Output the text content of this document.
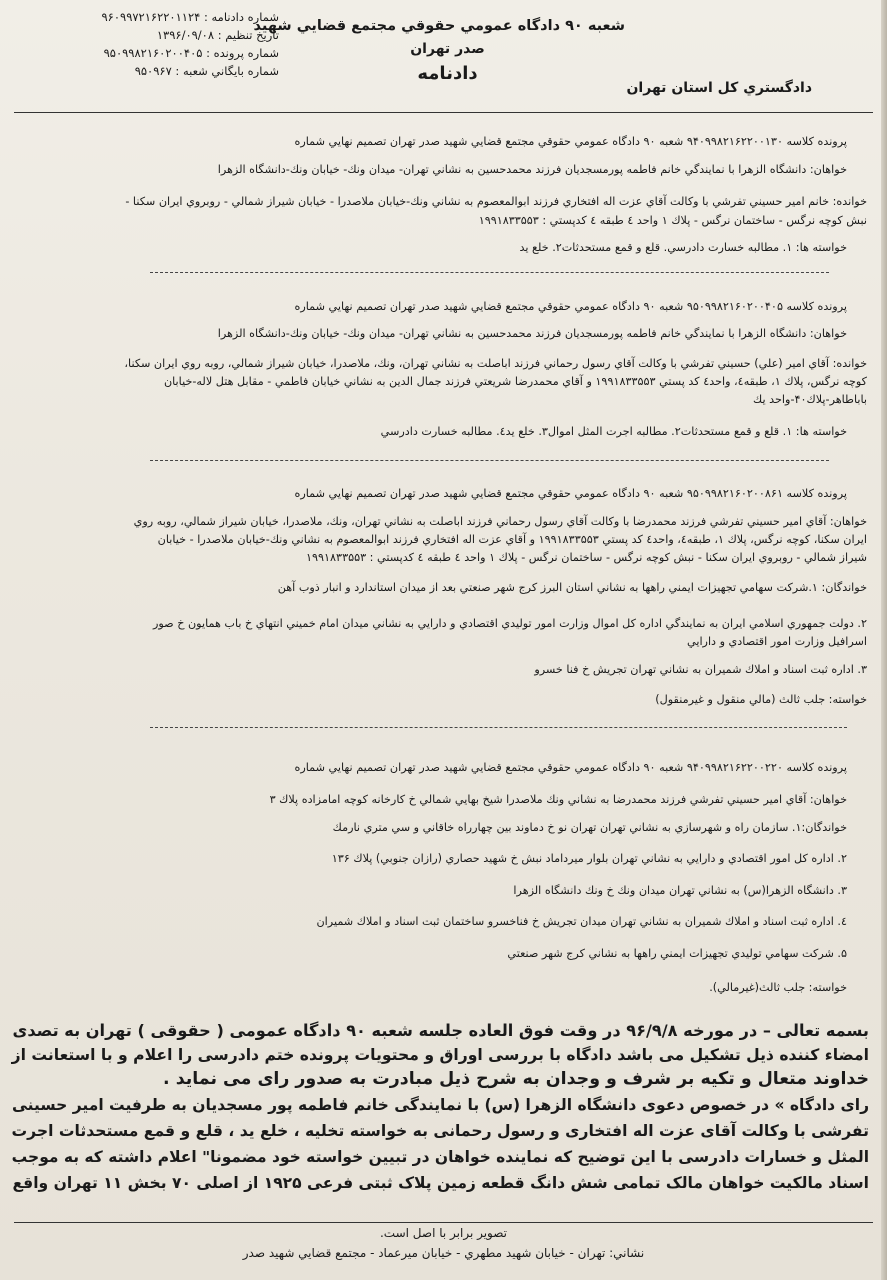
شماره دادنامه : ۹۶۰۹۹۷۲۱۶۲۲۰۱۱۲۴
تاريخ تنظيم : ۱۳۹۶/۰۹/۰۸
شماره پرونده : ۹۵۰۹۹۸۲۱۶۰۲۰۰۴۰۵
شماره بايگاني شعبه : ۹۵۰۹۶۷
شعبه ۹۰ دادگاه عمومي حقوقي مجتمع قضايي شهيد
صدر تهران
دادنامه
دادگستري كل استان تهران
پرونده كلاسه ۹۴۰۹۹۸۲۱۶۲۲۰۰۱۳۰ شعبه ۹۰ دادگاه عمومي حقوقي مجتمع قضايي شهيد صدر تهران تصميم نهايي شماره
خواهان: دانشگاه الزهرا با نمايندگي خانم فاطمه پورمسجديان فرزند محمدحسين به نشاني تهران- ميدان ونك- خيابان ونك-دانشگاه الزهرا
خوانده: خانم امير حسيني تفرشي با وكالت آقاي عزت اله افتخاري فرزند ابوالمعصوم به نشاني ونك-خيابان ملاصدرا - خيابان شيراز شمالي - روبروي ايران سكنا -
نبش كوچه نرگس - ساختمان نرگس - پلاك ۱ واحد ٤ طبقه ٤ كدپستي : ۱۹۹۱۸۳۳۵۵۳
خواسته ها: ۱. مطالبه خسارت دادرسي. قلع و قمع مستحدثات۲. خلع يد
پرونده كلاسه ۹۵۰۹۹۸۲۱۶۰۲۰۰۴۰۵ شعبه ۹۰ دادگاه عمومي حقوقي مجتمع قضايي شهيد صدر تهران تصميم نهايي شماره
خواهان: دانشگاه الزهرا با نمايندگي خانم فاطمه پورمسجديان فرزند محمدحسين به نشاني تهران- ميدان ونك- خيابان ونك-دانشگاه الزهرا
خوانده: آقاي امير (علي) حسيني تفرشي با وكالت آقاي رسول رحماني فرزند اباصلت به نشاني تهران، ونك، ملاصدرا، خيابان شيراز شمالي، روبه روي ايران سكنا،
كوچه نرگس، پلاك ۱، طبقه٤، واحد٤ كد پستي ۱۹۹۱۸۳۳۵۵۳ و آقاي محمدرضا شريعتي فرزند جمال الدين به نشاني خيابان فاطمي - مقابل هتل لاله-خيابان
باباطاهر-پلاك۴۰-واحد يك
خواسته ها: ۱. قلع و قمع مستحدثات۲. مطالبه اجرت المثل اموال۳. خلع يد٤. مطالبه خسارت دادرسي
پرونده كلاسه ۹۵۰۹۹۸۲۱۶۰۲۰۰۸۶۱ شعبه ۹۰ دادگاه عمومي حقوقي مجتمع قضايي شهيد صدر تهران تصميم نهايي شماره
خواهان: آقاي امير حسيني تفرشي فرزند محمدرضا با وكالت آقاي رسول رحماني فرزند اباصلت به نشاني تهران، ونك، ملاصدرا، خيابان شيراز شمالي، روبه روي
ايران سكنا، كوچه نرگس، پلاك ۱، طبقه٤، واحد٤ كد پستي ۱۹۹۱۸۳۳۵۵۳ و آقاي عزت اله افتخاري فرزند ابوالمعصوم به نشاني ونك-خيابان ملاصدرا - خيابان
شيراز شمالي - روبروي ايران سكنا - نبش كوچه نرگس - ساختمان نرگس - پلاك ۱ واحد ٤ طبقه ٤ كدپستي : ۱۹۹۱۸۳۳۵۵۳
خواندگان: ۱.شركت سهامي تجهيزات ايمني راهها به نشاني استان البرز كرج شهر صنعتي بعد از ميدان استاندارد و انبار ذوب آهن
۲. دولت جمهوري اسلامي ايران به نمايندگي اداره كل اموال وزارت امور توليدي اقتصادي و دارايي به نشاني ميدان امام خميني انتهاي خ باب همايون خ صور
اسرافيل وزارت امور اقتصادي و دارايي
۳. اداره ثبت اسناد و املاك شميران به نشاني تهران تجريش خ فنا خسرو
خواسته: جلب ثالث (مالي منقول و غيرمنقول)
پرونده كلاسه ۹۴۰۹۹۸۲۱۶۲۲۰۰۲۲۰ شعبه ۹۰ دادگاه عمومي حقوقي مجتمع قضايي شهيد صدر تهران تصميم نهايي شماره
خواهان: آقاي امير حسيني تفرشي فرزند محمدرضا به نشاني ونك ملاصدرا شيخ بهايي شمالي خ كارخانه كوچه امامزاده پلاك ۳
خواندگان:۱. سازمان راه و شهرسازي به نشاني تهران تهران نو خ دماوند بين چهارراه خاقاني و سي متري نارمك
۲. اداره كل امور اقتصادي و دارايي به نشاني تهران بلوار ميرداماد نبش خ شهيد حصاري (رازان جنوبي) پلاك ۱۳۶
۳. دانشگاه الزهرا(س) به نشاني تهران ميدان ونك خ ونك دانشگاه الزهرا
٤. اداره ثبت اسناد و املاك شميران به نشاني تهران ميدان تجريش خ فناخسرو ساختمان ثبت اسناد و املاك شميران
۵. شركت سهامي توليدي تجهيزات ايمني راهها به نشاني كرج شهر صنعتي
خواسته: جلب ثالث(غيرمالي).
بسمه تعالی – در مورخه ۹۶/۹/۸ در وقت فوق العاده جلسه شعبه ۹۰ دادگاه عمومی ( حقوقی ) تهران به تصدی
امضاء کننده ذیل تشکیل می باشد دادگاه با بررسی اوراق و محتویات پرونده ختم دادرسی را اعلام و با استعانت از
خداوند متعال و تکیه بر شرف و وجدان به شرح ذیل مبادرت به صدور رای می نماید .
رای دادگاه » در خصوص دعوی دانشگاه الزهرا (س) با نمایندگی خانم فاطمه پور مسجدیان به طرفیت امیر حسینی
تفرشی با وکالت آقای عزت اله افتخاری و رسول رحمانی به خواسته تخلیه ، خلع ید ، قلع و قمع مستحدثات اجرت
المثل و خسارات دادرسی با این توضیح که نماینده خواهان در تبیین خواسته خود مضمونا" اعلام داشته که به موجب
اسناد مالکیت خواهان مالک تمامی شش دانگ قطعه زمین پلاک ثبتی فرعی ۱۹۲۵ از اصلی ۷۰ بخش ۱۱ تهران واقع
تصویر برابر با اصل است.
نشاني: تهران - خيابان شهيد مطهري - خيابان ميرعماد - مجتمع قضايي شهيد صدر
